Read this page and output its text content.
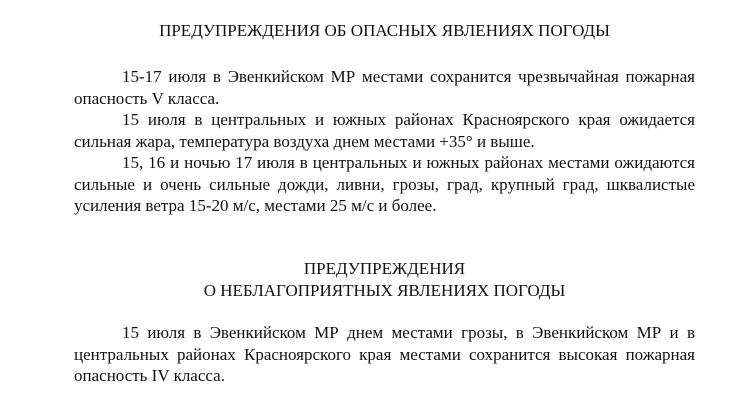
ПРЕДУПРЕЖДЕНИЯ ОБ ОПАСНЫХ ЯВЛЕНИЯХ ПОГОДЫ

15-17 июля в Эвенкийском МР местами сохранится чрезвычайная пожарная опасность V класса.

15 июля в центральных и южных районах Красноярского края ожидается сильная жара, температура воздуха днем местами +35° и выше.

15, 16 и ночью 17 июля в центральных и южных районах местами ожидаются сильные и очень сильные дожди, ливни, грозы, град, крупный град, шквалистые усиления ветра 15-20 м/с, местами 25 м/с и более.

ПРЕДУПРЕЖДЕНИЯ
О НЕБЛАГОПРИЯТНЫХ ЯВЛЕНИЯХ ПОГОДЫ

15 июля в Эвенкийском МР днем местами грозы, в Эвенкийском МР и в центральных районах Красноярского края местами сохранится высокая пожарная опасность IV класса.
